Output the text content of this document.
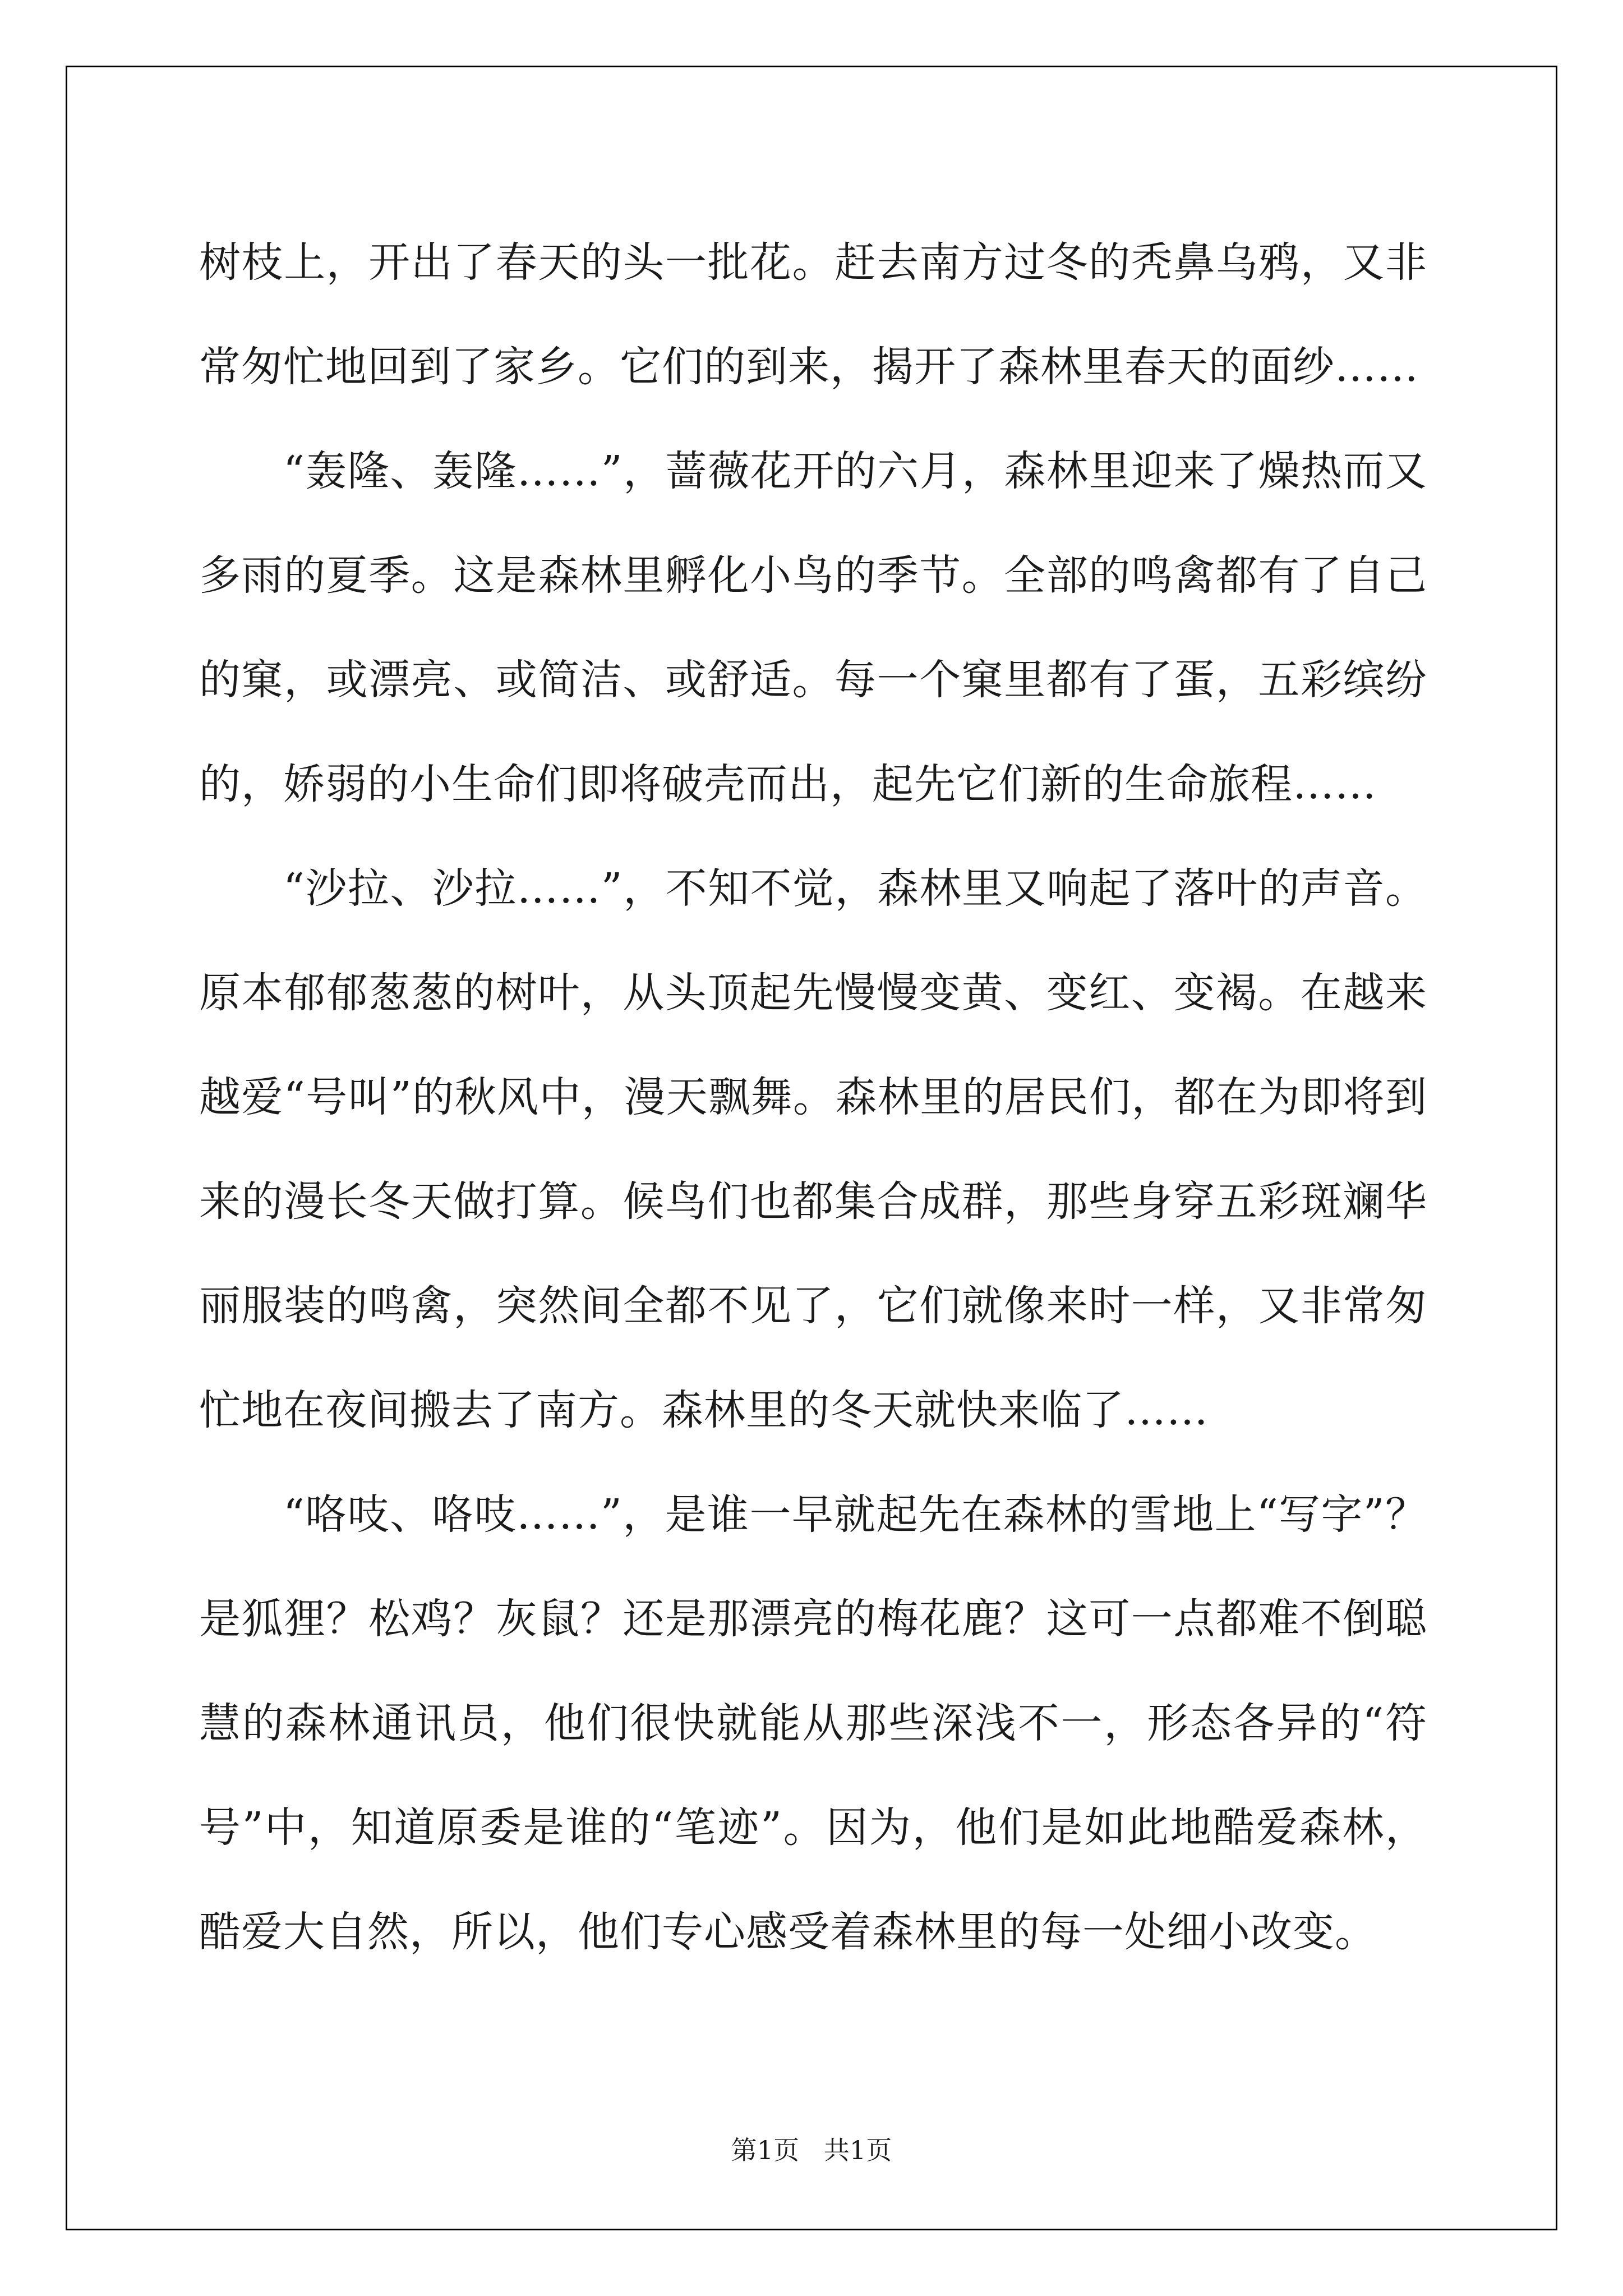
树枝上，开出了春天的头一批花。赶去南方过冬的秃鼻乌鸦，又非常匆忙地回到了家乡。它们的到来，揭开了森林里春天的面纱……

“轰隆、轰隆……”，蔷薇花开的六月，森林里迎来了燥热而又多雨的夏季。这是森林里孵化小鸟的季节。全部的鸣禽都有了自己的窠，或漂亮、或简洁、或舒适。每一个窠里都有了蛋，五彩缤纷的，娇弱的小生命们即将破壳而出，起先它们新的生命旅程……

“沙拉、沙拉……”，不知不觉，森林里又响起了落叶的声音。原本郁郁葱葱的树叶，从头顶起先慢慢变黄、变红、变褐。在越来越爱“号叫”的秋风中，漫天飘舞。森林里的居民们，都在为即将到来的漫长冬天做打算。候鸟们也都集合成群，那些身穿五彩斑斓华丽服装的鸣禽，突然间全都不见了，它们就像来时一样，又非常匆忙地在夜间搬去了南方。森林里的冬天就快来临了……

“咯吱、咯吱……”，是谁一早就起先在森林的雪地上“写字”？是狐狸？松鸡？灰鼠？还是那漂亮的梅花鹿？这可一点都难不倒聪慧的森林通讯员，他们很快就能从那些深浅不一，形态各异的“符号”中，知道原委是谁的“笔迹”。因为，他们是如此地酷爱森林，酷爱大自然，所以，他们专心感受着森林里的每一处细小改变。

第1页   共1页
